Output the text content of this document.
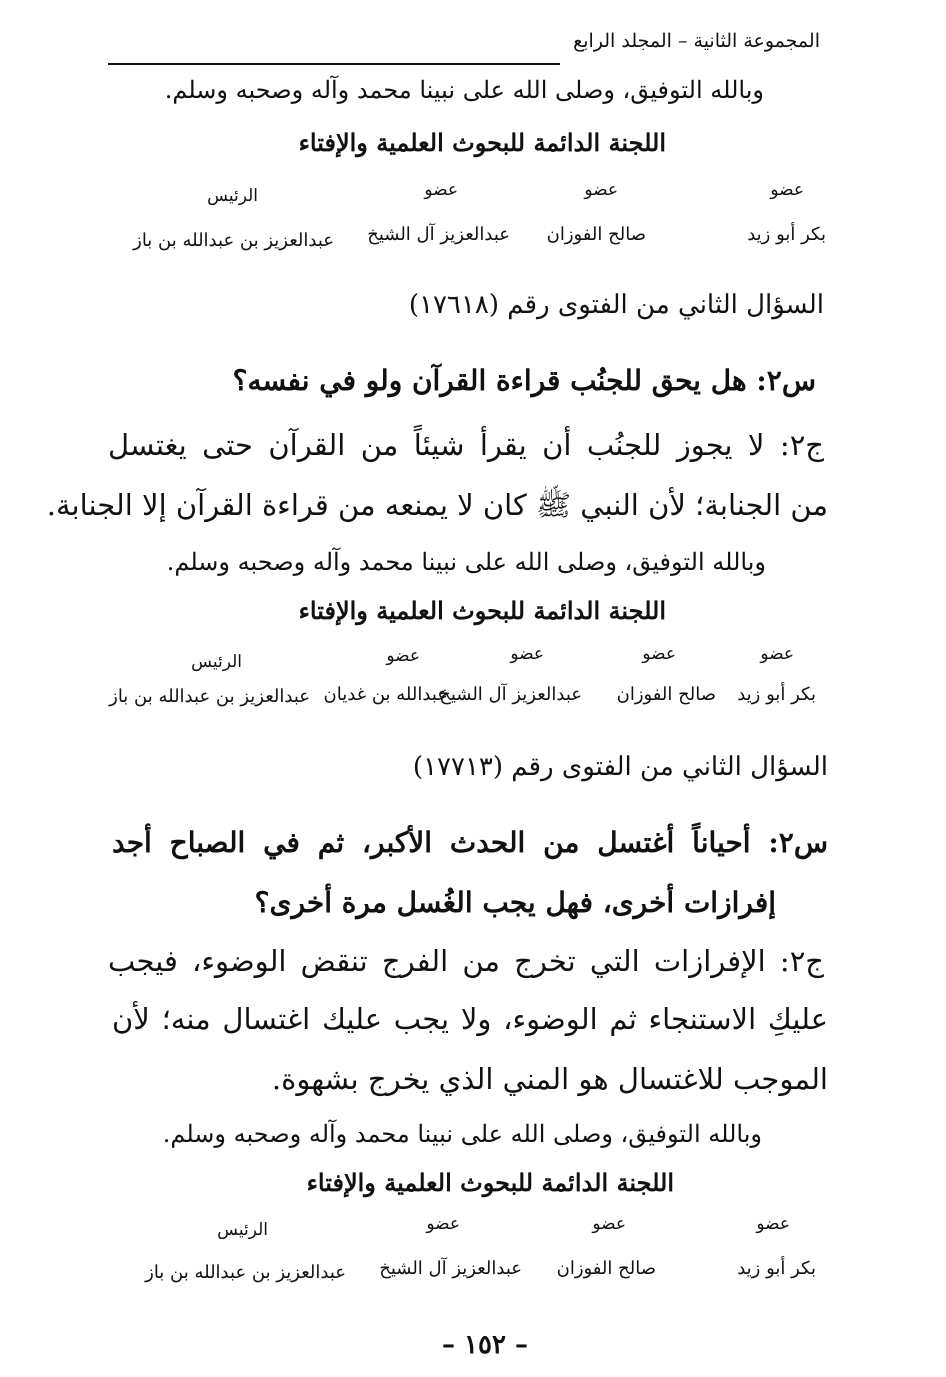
المجموعة الثانية – المجلد الرابع
وبالله التوفيق، وصلى الله على نبينا محمد وآله وصحبه وسلم.
اللجنة الدائمة للبحوث العلمية والإفتاء
عضو
عضو
عضو
الرئيس
بكر أبو زيد
صالح الفوزان
عبدالعزيز آل الشيخ
عبدالعزيز بن عبدالله بن باز
السؤال الثاني من الفتوى رقم (١٧٦١٨)
س٢: هل يحق للجنُب قراءة القرآن ولو في نفسه؟
ج٢: لا يجوز للجنُب أن يقرأ شيئاً من القرآن حتى يغتسل
من الجنابة؛ لأن النبي ﷺ كان لا يمنعه من قراءة القرآن إلا الجنابة.
وبالله التوفيق، وصلى الله على نبينا محمد وآله وصحبه وسلم.
اللجنة الدائمة للبحوث العلمية والإفتاء
عضو
عضو
عضو
عضو
الرئيس
بكر أبو زيد
صالح الفوزان
عبدالعزيز آل الشيخ
عبدالله بن غديان
عبدالعزيز بن عبدالله بن باز
السؤال الثاني من الفتوى رقم (١٧٧١٣)
س٢: أحياناً أغتسل من الحدث الأكبر، ثم في الصباح أجد
إفرازات أخرى، فهل يجب الغُسل مرة أخرى؟
ج٢: الإفرازات التي تخرج من الفرج تنقض الوضوء، فيجب
عليكِ الاستنجاء ثم الوضوء، ولا يجب عليك اغتسال منه؛ لأن
الموجب للاغتسال هو المني الذي يخرج بشهوة.
وبالله التوفيق، وصلى الله على نبينا محمد وآله وصحبه وسلم.
اللجنة الدائمة للبحوث العلمية والإفتاء
عضو
عضو
عضو
الرئيس
بكر أبو زيد
صالح الفوزان
عبدالعزيز آل الشيخ
عبدالعزيز بن عبدالله بن باز
– ١٥٢ –
